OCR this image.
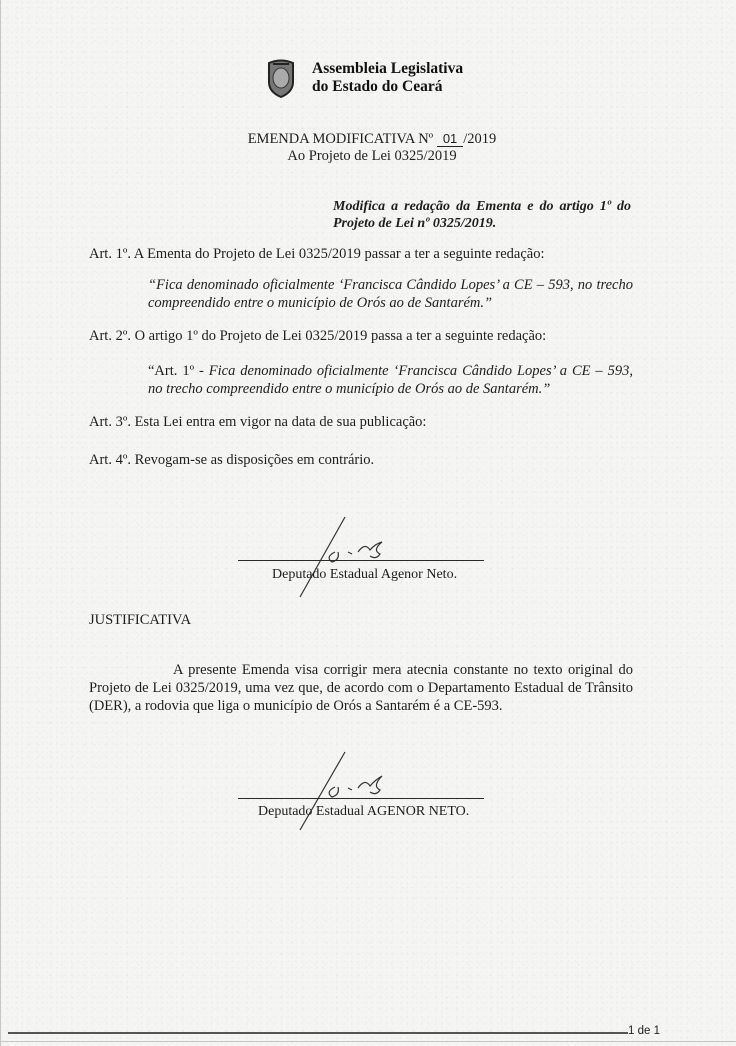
Assembleia Legislativa
do Estado do Ceará
EMENDA MODIFICATIVA Nº 01 /2019
Ao Projeto de Lei 0325/2019
Modifica a redação da Ementa e do artigo 1º do Projeto de Lei nº 0325/2019.
Art. 1º. A Ementa do Projeto de Lei 0325/2019 passar a ter a seguinte redação:
“Fica denominado oficialmente ‘Francisca Cândido Lopes’ a CE – 593, no trecho compreendido entre o município de Orós ao de Santarém.”
Art. 2º. O artigo 1º do Projeto de Lei 0325/2019 passa a ter a seguinte redação:
“Art. 1º - Fica denominado oficialmente ‘Francisca Cândido Lopes’ a CE – 593, no trecho compreendido entre o município de Orós ao de Santarém.”
Art. 3º. Esta Lei entra em vigor na data de sua publicação:
Art. 4º. Revogam-se as disposições em contrário.
Deputado Estadual Agenor Neto.
JUSTIFICATIVA
A presente Emenda visa corrigir mera atecnia constante no texto original do Projeto de Lei 0325/2019, uma vez que, de acordo com o Departamento Estadual de Trânsito (DER), a rodovia que liga o município de Orós a Santarém é a CE-593.
Deputado Estadual AGENOR NETO.
1 de 1
